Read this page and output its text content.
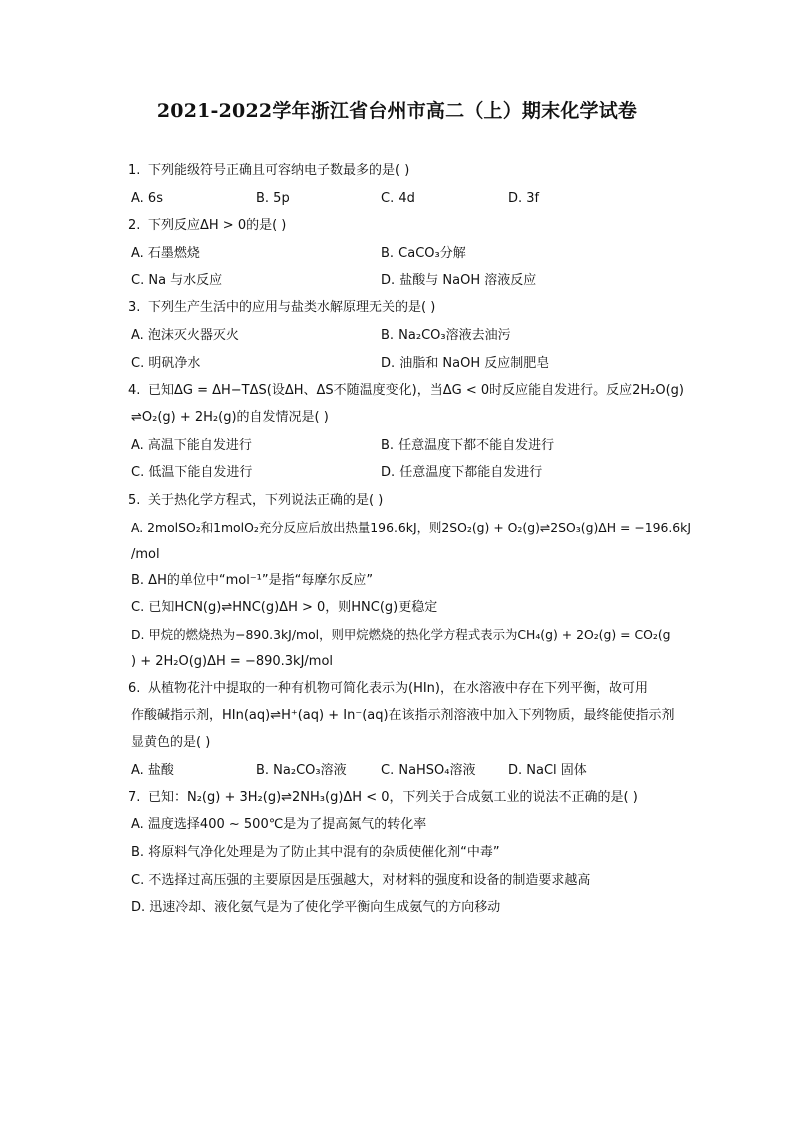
2021-2022学年浙江省台州市高二（上）期末化学试卷
1. 下列能级符号正确且可容纳电子数最多的是( )
A. 6s	B. 5p	C. 4d	D. 3f
2. 下列反应ΔH > 0的是( )
A. 石墨燃烧	B. CaCO₃分解
C. Na 与水反应	D. 盐酸与 NaOH 溶液反应
3. 下列生产生活中的应用与盐类水解原理无关的是( )
A. 泡沫灭火器灭火	B. Na₂CO₃溶液去油污
C. 明矾净水	D. 油脂和 NaOH 反应制肥皂
4. 已知ΔG = ΔH−TΔS(设ΔH、ΔS不随温度变化)，当ΔG < 0时反应能自发进行。反应2H₂O(g)
⇌O₂(g) + 2H₂(g)的自发情况是( )
A. 高温下能自发进行	B. 任意温度下都不能自发进行
C. 低温下能自发进行	D. 任意温度下都能自发进行
5. 关于热化学方程式，下列说法正确的是( )
A. 2molSO₂和1molO₂充分反应后放出热量196.6kJ，则2SO₂(g) + O₂(g)⇌2SO₃(g)ΔH = −196.6kJ
/mol
B. ΔH的单位中“mol⁻¹”是指“每摩尔反应”
C. 已知HCN(g)⇌HNC(g)ΔH > 0，则HNC(g)更稳定
D. 甲烷的燃烧热为−890.3kJ/mol，则甲烷燃烧的热化学方程式表示为CH₄(g) + 2O₂(g) = CO₂(g
) + 2H₂O(g)ΔH = −890.3kJ/mol
6. 从植物花汁中提取的一种有机物可简化表示为(HIn)，在水溶液中存在下列平衡，故可用
作酸碱指示剂，HIn(aq)⇌H⁺(aq) + In⁻(aq)在该指示剂溶液中加入下列物质，最终能使指示剂
显黄色的是( )
A. 盐酸	B. Na₂CO₃溶液	C. NaHSO₄溶液 D. NaCl 固体
7. 已知：N₂(g) + 3H₂(g)⇌2NH₃(g)ΔH < 0，下列关于合成氨工业的说法不正确的是( )
A. 温度选择400 ~ 500℃是为了提高氮气的转化率
B. 将原料气净化处理是为了防止其中混有的杂质使催化剂“中毒”
C. 不选择过高压强的主要原因是压强越大，对材料的强度和设备的制造要求越高
D. 迅速冷却、液化氨气是为了使化学平衡向生成氨气的方向移动
